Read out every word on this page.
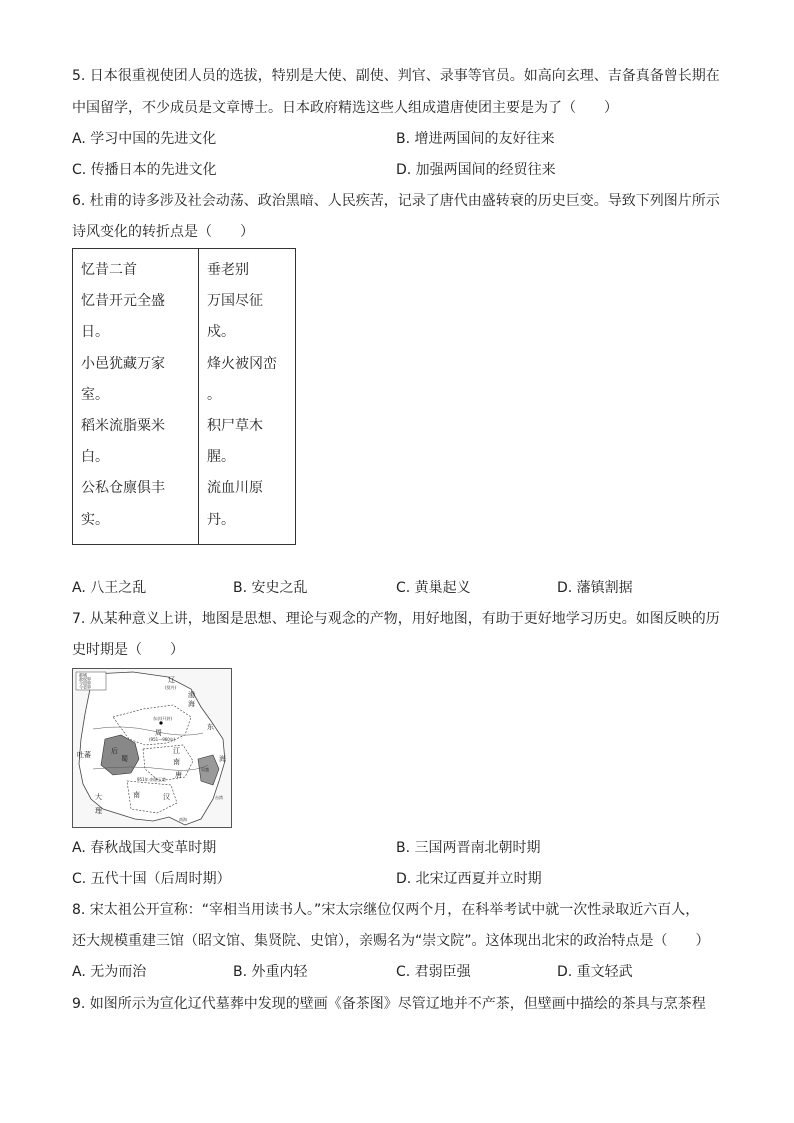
5. 日本很重视使团人员的选拔，特别是大使、副使、判官、录事等官员。如高向玄理、吉备真备曾长期在
中国留学，不少成员是文章博士。日本政府精选这些人组成遣唐使团主要是为了（　　）
A. 学习中国的先进文化	B. 增进两国间的友好往来
C. 传播日本的先进文化	D. 加强两国间的经贸往来
6. 杜甫的诗多涉及社会动荡、政治黑暗、人民疾苦，记录了唐代由盛转衰的历史巨变。导致下列图片所示
诗风变化的转折点是（　　）
忆昔二首
忆昔开元全盛
日。
小邑犹藏万家
室。
稻米流脂粟米
白。
公私仓廪俱丰
实。

垂老别
万国尽征
戍。
烽火被冈峦
。
积尸草木
腥。
流血川原
丹。
A. 八王之乱	B. 安史之乱	C. 黄巢起义	D. 藩镇割据
7. 从某种意义上讲，地图是思想、理论与观念的产物，用好地图，有助于更好地学习历史。如图反映的历
史时期是（　　）
都城
政权界
今国界
今省界
辽
(契丹)
渤
海
东京(开封)
周
(951—960年)
东
海
吐蕃	后
蜀
江
南
唐
吴越
台湾
大
理
南	汉
南海
951年·南唐灭楚
A. 春秋战国大变革时期	B. 三国两晋南北朝时期
C. 五代十国（后周时期）	D. 北宋辽西夏并立时期
8. 宋太祖公开宣称：“宰相当用读书人。”宋太宗继位仅两个月，在科举考试中就一次性录取近六百人，
还大规模重建三馆（昭文馆、集贤院、史馆），亲赐名为“崇文院”。这体现出北宋的政治特点是（　　）
A. 无为而治	B. 外重内轻	C. 君弱臣强	D. 重文轻武
9. 如图所示为宣化辽代墓葬中发现的壁画《备茶图》尽管辽地并不产茶，但壁画中描绘的茶具与烹茶程
